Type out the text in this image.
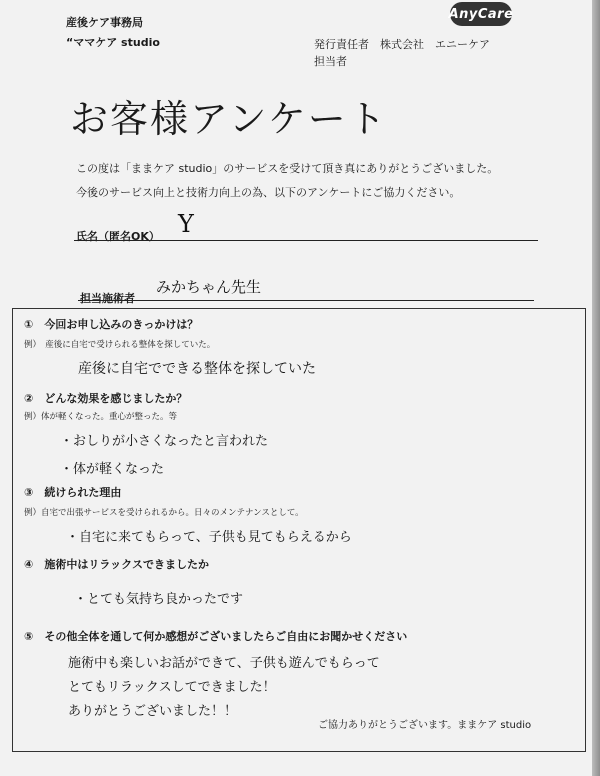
産後ケア事務局
“ママケア studio
AnyCare
発行責任者　株式会社　エニーケア
担当者
お客様アンケート
この度は「ままケア studio」のサービスを受けて頂き真にありがとうございました。
今後のサービス向上と技術力向上の為、以下のアンケートにご協力ください。
氏名（匿名OK） Y
担当施術者
みかちゃん先生
①　今回お申し込みのきっかけは？
例）　産後に自宅で受けられる整体を探していた。
産後に自宅でできる整体を探していた
②　どんな効果を感じましたか？
例）体が軽くなった。重心が整った。等
・おしりが小さくなったと言われた
・体が軽くなった
③　続けられた理由
例）自宅で出張サービスを受けられるから。日々のメンテナンスとして。
・自宅に来てもらって、子供も見てもらえるから
④　施術中はリラックスできましたか
・とても気持ち良かったです
⑤　その他全体を通して何か感想がございましたらご自由にお聞かせください
施術中も楽しいお話ができて、子供も遊んでもらって
とてもリラックスしてできました！
ありがとうございました！！
ご協力ありがとうございます。ままケア studio
